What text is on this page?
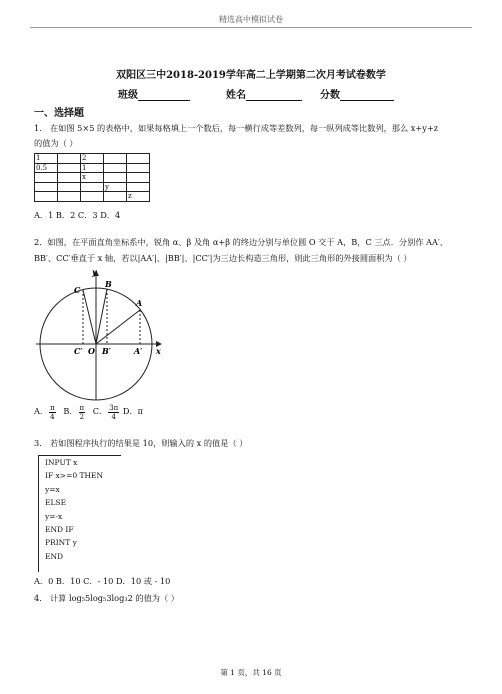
精选高中模拟试卷
双阳区三中2018-2019学年高二上学期第二次月考试卷数学
班级	姓名	分数
一、选择题
1． 在如图 5×5 的表格中，如果每格填上一个数后，每一横行成等差数列，每一纵列成等比数列，那么 x+y+z
的值为（ ）
1		2		
0.5		1		
		x		
			y	
				z
A．1 B．2 C．3 D．4
2．如图，在平面直角坐标系中，锐角 α、β 及角 α+β 的终边分别与单位圆 O 交于 A，B，C 三点．分别作 AA′、
BB′、CC′垂直于 x 轴，若以|AA′|、|BB′|、|CC′|为三边长构造三角形，则此三角形的外接圆面积为（ ）
y
x
A
B
C
O	A′
B′
C′
A． $\frac{\pi}{4}$ B． $\frac{\pi}{2}$ C． $\frac{3\pi}{4}$ D．π
3． 若如图程序执行的结果是 10，则输入的 x 的值是（ ）
INPUT x
IF x>=0 THEN
y=x
ELSE
y=-x
END IF
PRINT y
END
A．0 B．10 C．- 10 D．10 或 - 10
4． 计算 log₅5log₅3log₃2 的值为（ ）
第 1 页，共 16 页
